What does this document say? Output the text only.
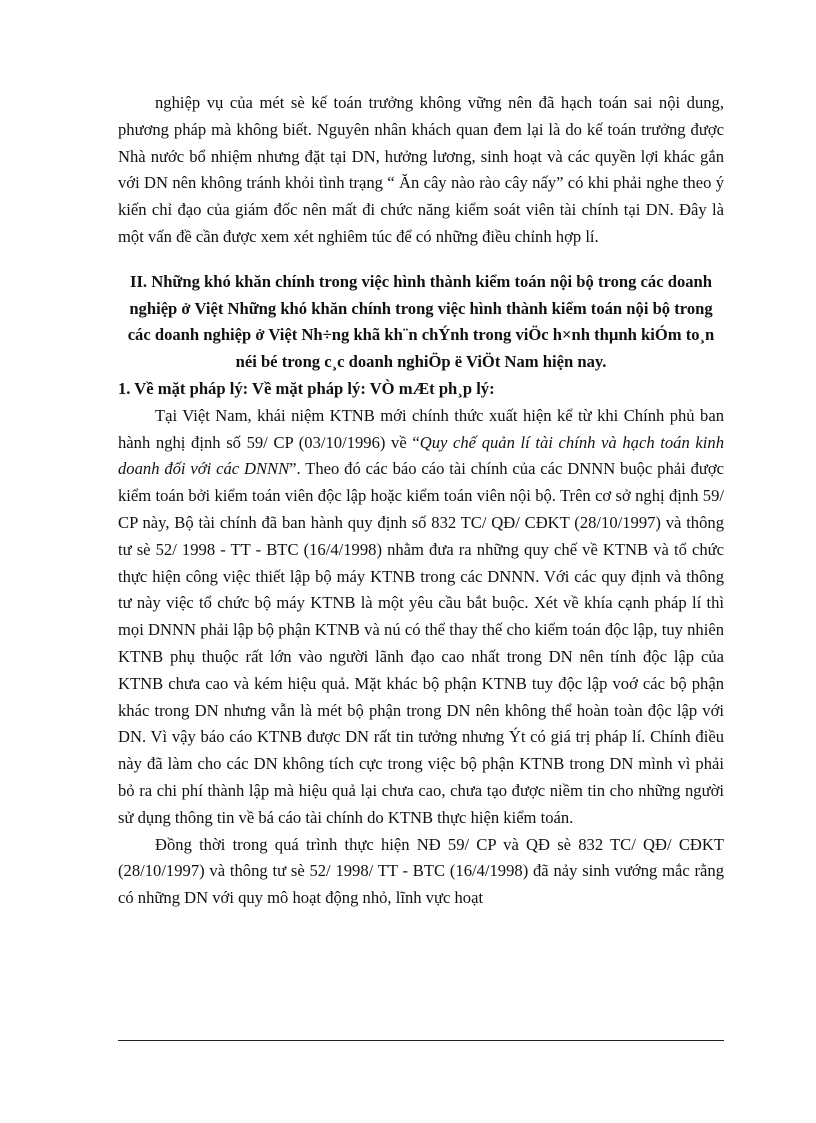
nghiệp vụ của mét sè kế toán trưởng không vững nên đã hạch toán sai nội dung, phương pháp mà không biết. Nguyên nhân khách quan đem lại là do kế toán trưởng được Nhà nước bổ nhiệm nhưng đặt tại DN, hưởng lương, sinh hoạt và các quyền lợi khác gắn với DN nên không tránh khỏi tình trạng “ Ăn cây nào rào cây nấy” có khi phải nghe theo ý kiến chỉ đạo của giám đốc nên mất đi chức năng kiểm soát viên tài chính tại DN. Đây là một vấn đề cần được xem xét nghiêm túc để có những điều chỉnh hợp lí.

II. Những khó khăn chính trong việc hình thành kiểm toán nội bộ trong các doanh nghiệp ở Việt Những khó khăn chính trong việc hình thành kiểm toán nội bộ trong các doanh nghiệp ở Việt Nh÷ng khã kh¨n chÝnh trong viÖc h×nh thµnh kiÓm to¸n néi bé trong c¸c doanh nghiÖp ë ViÖt Nam hiện nay.

1. Về mặt pháp lý: Về mặt pháp lý: VÒ mÆt ph¸p lý:

Tại Việt Nam, khái niệm KTNB mới chính thức xuất hiện kể từ khi Chính phủ ban hành nghị định số 59/ CP (03/10/1996) về “Quy chế quản lí tài chính và hạch toán kinh doanh đối với các DNNN”. Theo đó các báo cáo tài chính của các DNNN buộc phải được kiểm toán bởi kiểm toán viên độc lập hoặc kiểm toán viên nội bộ. Trên cơ sở nghị định 59/ CP này, Bộ tài chính đã ban hành quy định số 832 TC/ QĐ/ CĐKT (28/10/1997) và thông tư sè 52/ 1998 - TT - BTC (16/4/1998) nhằm đưa ra những quy chế về KTNB và tổ chức thực hiện công việc thiết lập bộ máy KTNB trong các DNNN. Với các quy định và thông tư này việc tổ chức bộ máy KTNB là một yêu cầu bắt buộc. Xét về khía cạnh pháp lí thì mọi DNNN phải lập bộ phận KTNB và nú có thể thay thế cho kiểm toán độc lập, tuy nhiên KTNB phụ thuộc rất lớn vào người lãnh đạo cao nhất trong DN nên tính độc lập của KTNB chưa cao và kém hiệu quả. Mặt khác bộ phận KTNB tuy độc lập voớ các bộ phận khác trong DN nhưng vẫn là mét bộ phận trong DN nên không thể hoàn toàn độc lập với DN. Vì vậy báo cáo KTNB được DN rất tin tưởng nhưng Ýt có giá trị pháp lí. Chính điều này đã làm cho các DN không tích cực trong việc bộ phận KTNB trong DN mình vì phải bỏ ra chi phí thành lập mà hiệu quả lại chưa cao, chưa tạo được niềm tin cho những người sử dụng thông tin về bá cáo tài chính do KTNB thực hiện kiểm toán.

Đồng thời trong quá trình thực hiện NĐ 59/ CP và QĐ sè 832 TC/ QĐ/ CĐKT (28/10/1997) và thông tư sè 52/ 1998/ TT - BTC (16/4/1998) đã nảy sinh vướng mắc rằng có những DN với quy mô hoạt động nhỏ, lĩnh vực hoạt
